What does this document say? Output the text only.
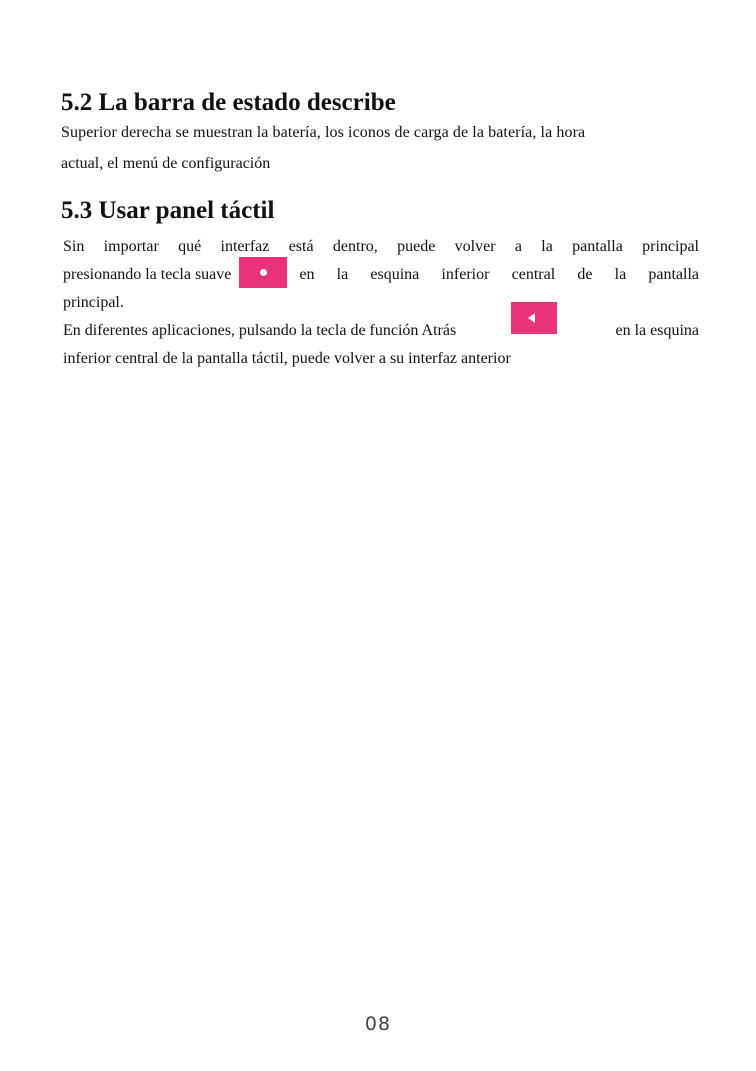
5.2 La barra de estado describe
Superior derecha se muestran la batería, los iconos de carga de la batería, la hora
actual, el menú de configuración
5.3 Usar panel táctil
Sin importar qué interfaz está dentro, puede volver a la pantalla principal
presionando la tecla suave	en la esquina inferior central de la pantalla
principal.
En diferentes aplicaciones, pulsando la tecla de función Atrás	en la esquina
inferior central de la pantalla táctil, puede volver a su interfaz anterior
08
